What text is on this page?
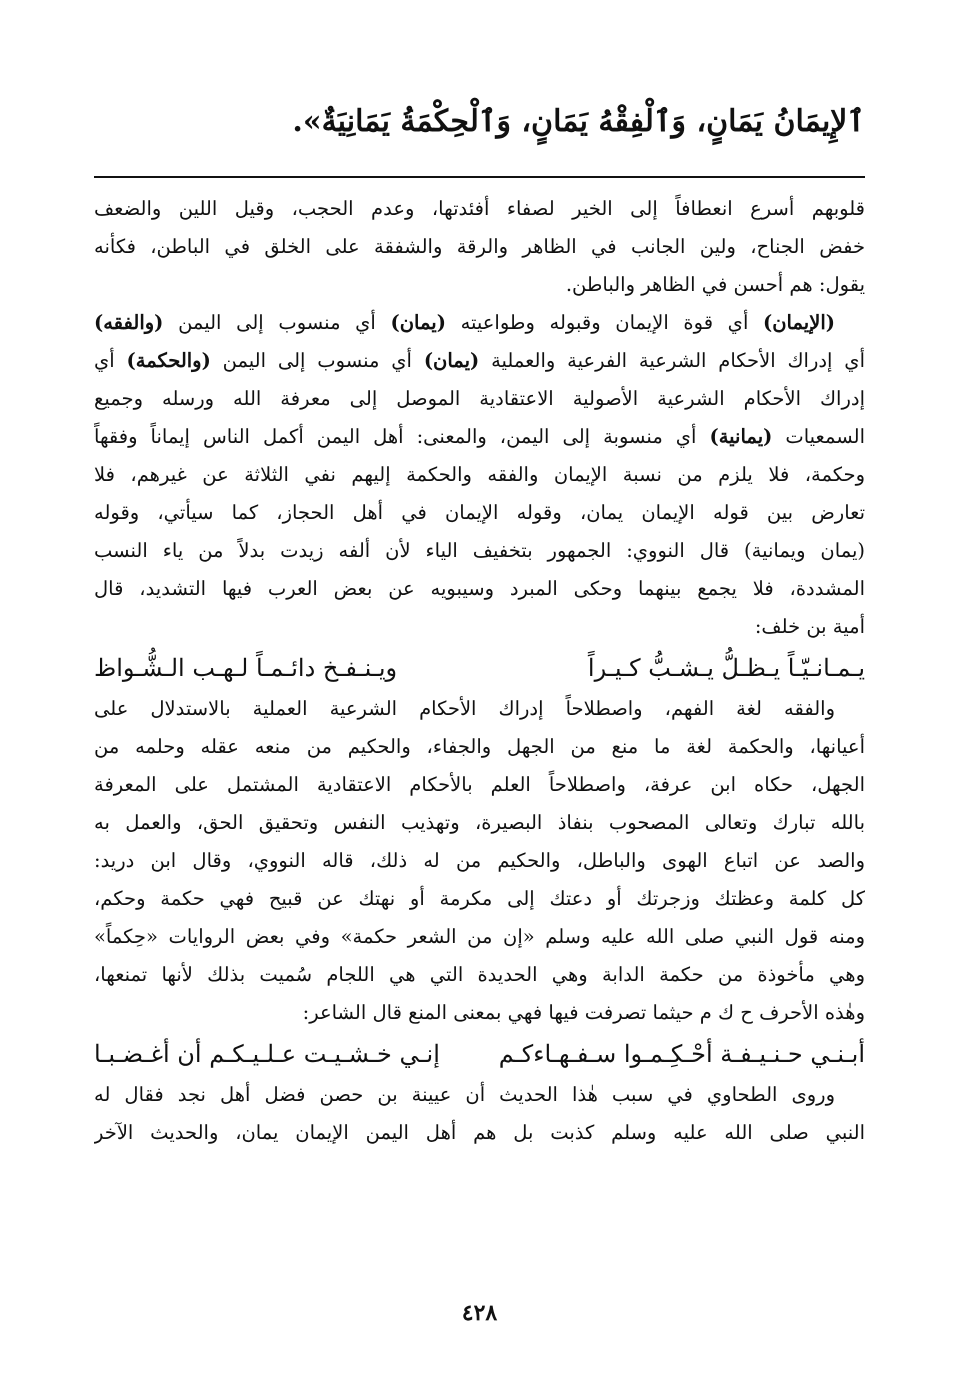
ٱلإِيمَانُ يَمَانٍ، وَٱلْفِقْهُ يَمَانٍ، وَٱلْحِكْمَةُ يَمَانِيَةٌ».
قلوبهم أسرع انعطافاً إلى الخير لصفاء أفئدتها، وعدم الحجب، وقيل اللين والضعف
خفض الجناح، ولين الجانب في الظاهر والرقة والشفقة على الخلق في الباطن، فكأنه
يقول: هم أحسن في الظاهر والباطن.
(الإيمان) أي قوة الإيمان وقبوله وطواعيته (يمان) أي منسوب إلى اليمن (والفقه)
أي إدراك الأحكام الشرعية الفرعية والعملية (يمان) أي منسوب إلى اليمن (والحكمة) أي
إدراك الأحكام الشرعية الأصولية الاعتقادية الموصل إلى معرفة الله ورسله وجميع
السمعيات (يمانية) أي منسوبة إلى اليمن، والمعنى: أهل اليمن أكمل الناس إيماناً وفقهاً
وحكمة، فلا يلزم من نسبة الإيمان والفقه والحكمة إليهم نفي الثلاثة عن غيرهم، فلا
تعارض بين قوله الإيمان يمان، وقوله الإيمان في أهل الحجاز، كما سيأتي، وقوله
(يمان ويمانية) قال النووي: الجمهور بتخفيف الياء لأن ألفه زيدت بدلاً من ياء النسب
المشددة، فلا يجمع بينهما وحكى المبرد وسيبويه عن بعض العرب فيها التشديد، قال
أمية بن خلف:
يـمـانـيّـاً يـظـلُّ يـشـبُّ كـيـراً
ويـنـفـخ دائـمـاً لـهـب الـشُّـواظ
والفقه لغة الفهم، واصطلاحاً إدراك الأحكام الشرعية العملية بالاستدلال على
أعيانها، والحكمة لغة ما منع من الجهل والجفاء، والحكيم من منعه عقله وحلمه من
الجهل، حكاه ابن عرفة، واصطلاحاً العلم بالأحكام الاعتقادية المشتمل على المعرفة
بالله تبارك وتعالى المصحوب بنفاذ البصيرة، وتهذيب النفس وتحقيق الحق، والعمل به
والصد عن اتباع الهوى والباطل، والحكيم من له ذلك، قاله النووي، وقال ابن دريد:
كل كلمة وعظتك وزجرتك أو دعتك إلى مكرمة أو نهتك عن قبيح فهي حكمة وحكم،
ومنه قول النبي صلى الله عليه وسلم «إن من الشعر حكمة» وفي بعض الروايات «حِكماً»
وهي مأخوذة من حكمة الدابة وهي الحديدة التي هي اللجام سُميت بذلك لأنها تمنعها،
وهٰذه الأحرف ح ك م حيثما تصرفت فيها فهي بمعنى المنع قال الشاعر:
أبـنـي حـنـيـفـة أحْـكِـمـوا سـفـهـاءكـم
إنـي خـشـيـت عـلـيـكـم أن أغـضـبـا
وروى الطحاوي في سبب هٰذا الحديث أن عيينة بن حصن فضل أهل نجد فقال له
النبي صلى الله عليه وسلم كذبت بل هم أهل اليمن الإيمان يمان، والحديث الآخر
٤٢٨
